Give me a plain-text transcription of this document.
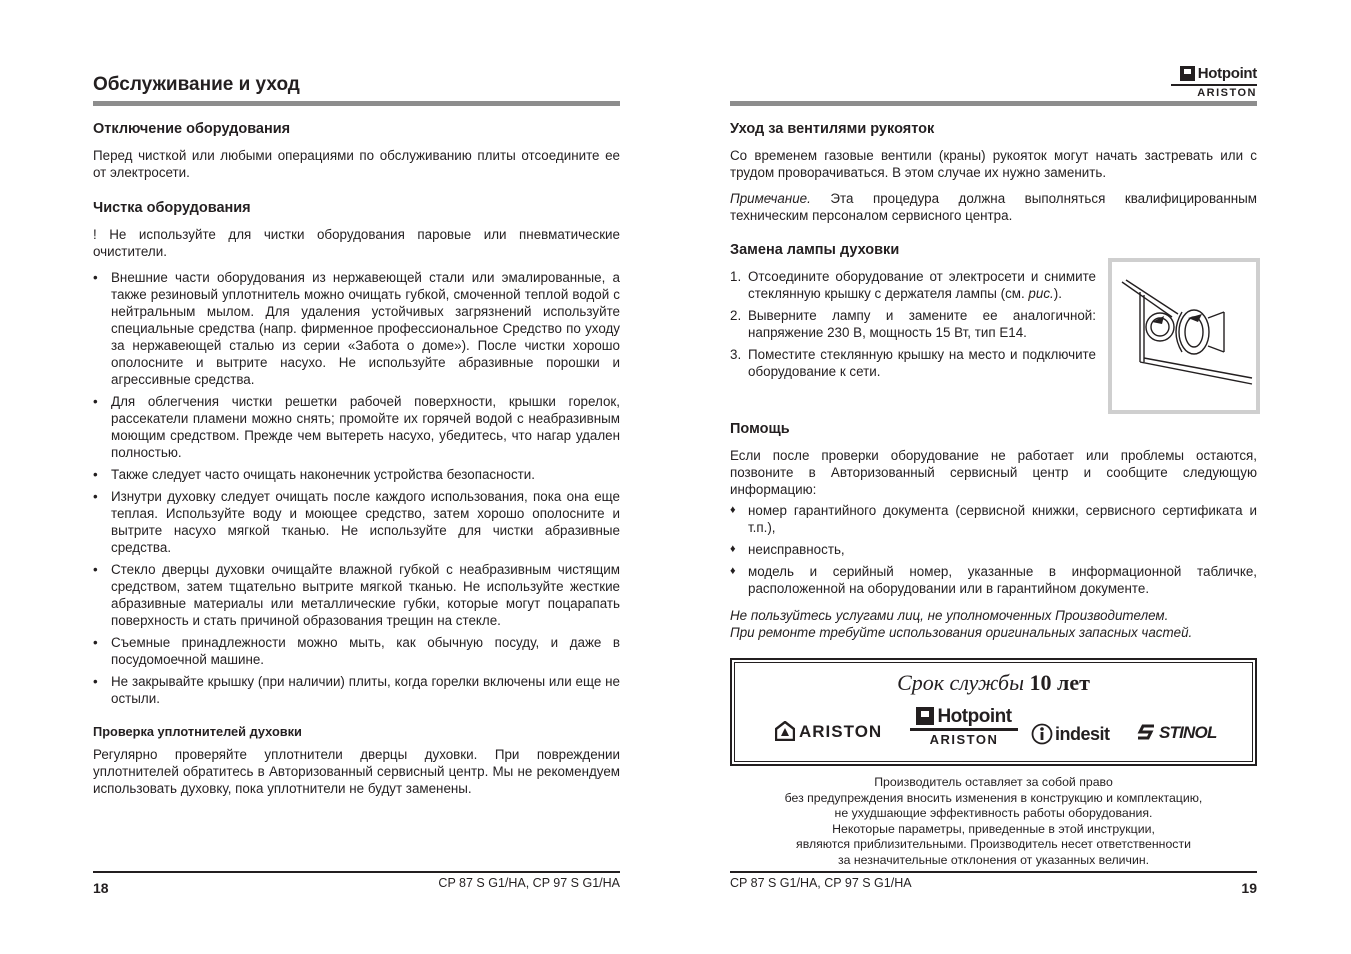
Обслуживание и уход
Отключение оборудования

Перед чисткой или любыми операциями по обслуживанию плиты отсоедините ее от электросети.

Чистка оборудования

! Не используйте для чистки оборудования паровые или пневматические очистители.

• Внешние части оборудования из нержавеющей стали или эмалированные, а также резиновый уплотнитель можно очищать губкой, смоченной теплой водой с нейтральным мылом. Для удаления устойчивых загрязнений используйте специальные средства (напр. фирменное профессиональное Средство по уходу за нержавеющей сталью из серии «Забота о доме»). После чистки хорошо ополосните и вытрите насухо. Не используйте абразивные порошки и агрессивные средства.
• Для облегчения чистки решетки рабочей поверхности, крышки горелок, рассекатели пламени можно снять; промойте их горячей водой с неабразивным моющим средством. Прежде чем вытереть насухо, убедитесь, что нагар удален полностью.
• Также следует часто очищать наконечник устройства безопасности.
• Изнутри духовку следует очищать после каждого использования, пока она еще теплая. Используйте воду и моющее средство, затем хорошо ополосните и вытрите насухо мягкой тканью. Не используйте для чистки абразивные средства.
• Стекло дверцы духовки очищайте влажной губкой с неабразивным чистящим средством, затем тщательно вытрите мягкой тканью. Не используйте жесткие абразивные материалы или металлические губки, которые могут поцарапать поверхность и стать причиной образования трещин на стекле.
• Съемные принадлежности можно мыть, как обычную посуду, и даже в посудомоечной машине.
• Не закрывайте крышку (при наличии) плиты, когда горелки включены или еще не остыли.
Проверка уплотнителей духовки

Регулярно проверяйте уплотнители дверцы духовки. При повреждении уплотнителей обратитесь в Авторизованный сервисный центр. Мы не рекомендуем использовать духовку, пока уплотнители не будут заменены.

18	CP 87 S G1/HA, CP 97 S G1/HA
Hotpoint
ARISTON
Уход за вентилями рукояток

Со временем газовые вентили (краны) рукояток могут начать застревать или с трудом проворачиваться. В этом случае их нужно заменить.

Примечание. Эта процедура должна выполняться квалифицированным техническим персоналом сервисного центра.

Замена лампы духовки
1. Отсоедините оборудование от электросети и снимите стеклянную крышку с держателя лампы (см. рис.).
2. Выверните лампу и замените ее аналогичной: напряжение 230 В, мощность 15 Вт, тип Е14.
3. Поместите стеклянную крышку на место и подключите оборудование к сети.
Помощь

Если после проверки оборудование не работает или проблемы остаются, позвоните в Авторизованный сервисный центр и сообщите следующую информацию:

♦ номер гарантийного документа (сервисной книжки, сервисного сертификата и т.п.),
♦ неисправность,
♦ модель и серийный номер, указанные в информационной табличке, расположенной на оборудовании или в гарантийном документе.
Не пользуйтесь услугами лиц, не уполномоченных Производителем.
При ремонте требуйте использования оригинальных запасных частей.
Срок службы 10 лет
ARISTON
Hotpoint
ARISTON	indesit	STINOL
Производитель оставляет за собой право
без предупреждения вносить изменения в конструкцию и комплектацию,
не ухудшающие эффективность работы оборудования.
Некоторые параметры, приведенные в этой инструкции,
являются приблизительными. Производитель несет ответственности
за незначительные отклонения от указанных величин.
CP 87 S G1/HA, CP 97 S G1/HA	19
